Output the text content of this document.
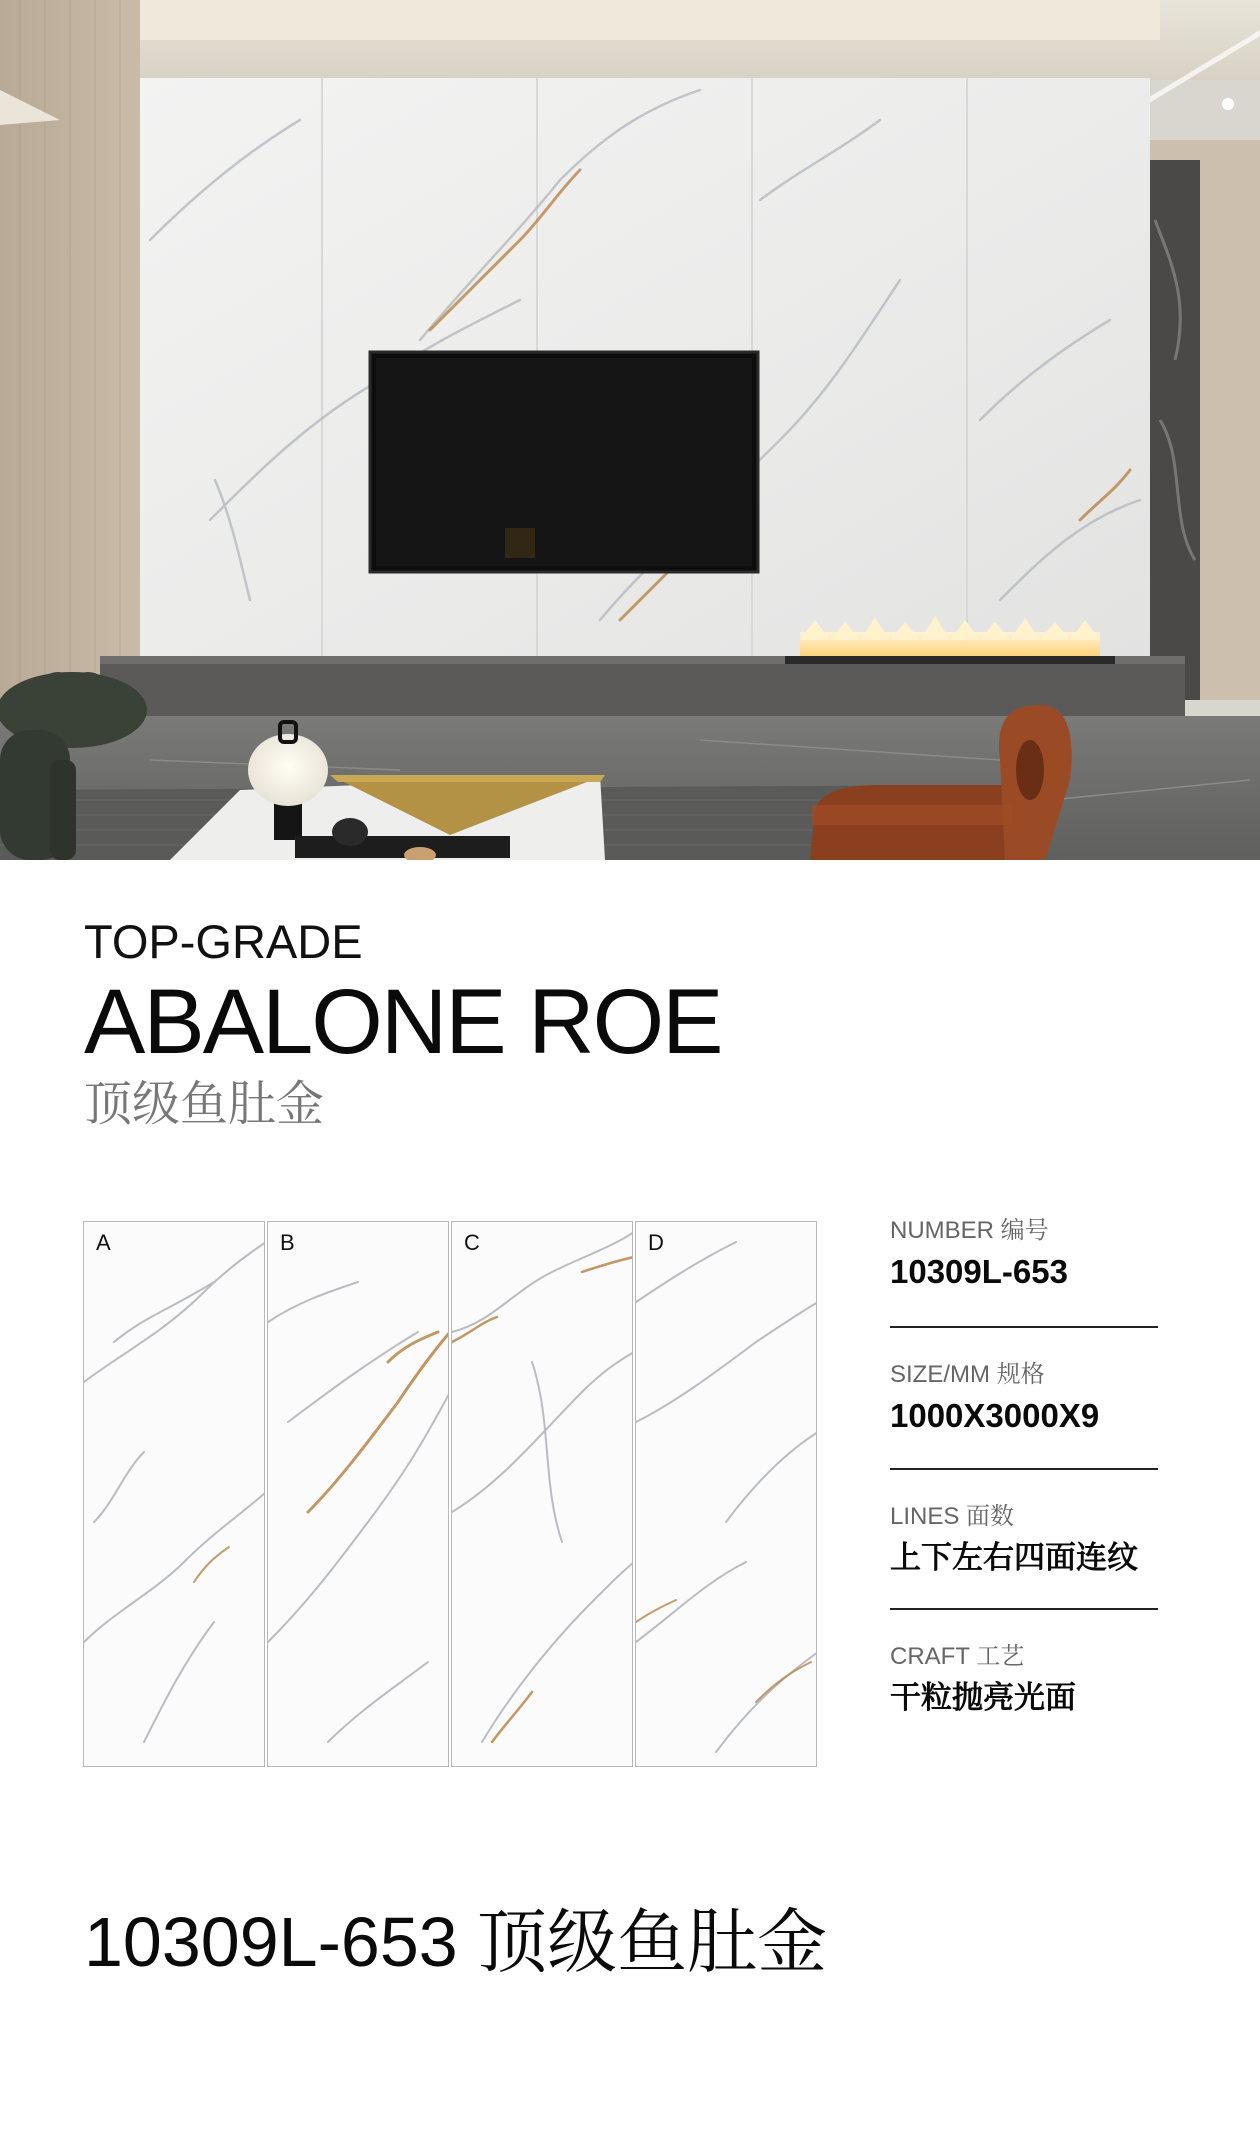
TOP-GRADE
ABALONE ROE
顶级鱼肚金
A	B	C	D	NUMBER 编号
10309L-653
SIZE/MM 规格
1000X3000X9
LINES 面数
上下左右四面连纹
CRAFT 工艺
干粒抛亮光面
10309L-653 顶级鱼肚金
